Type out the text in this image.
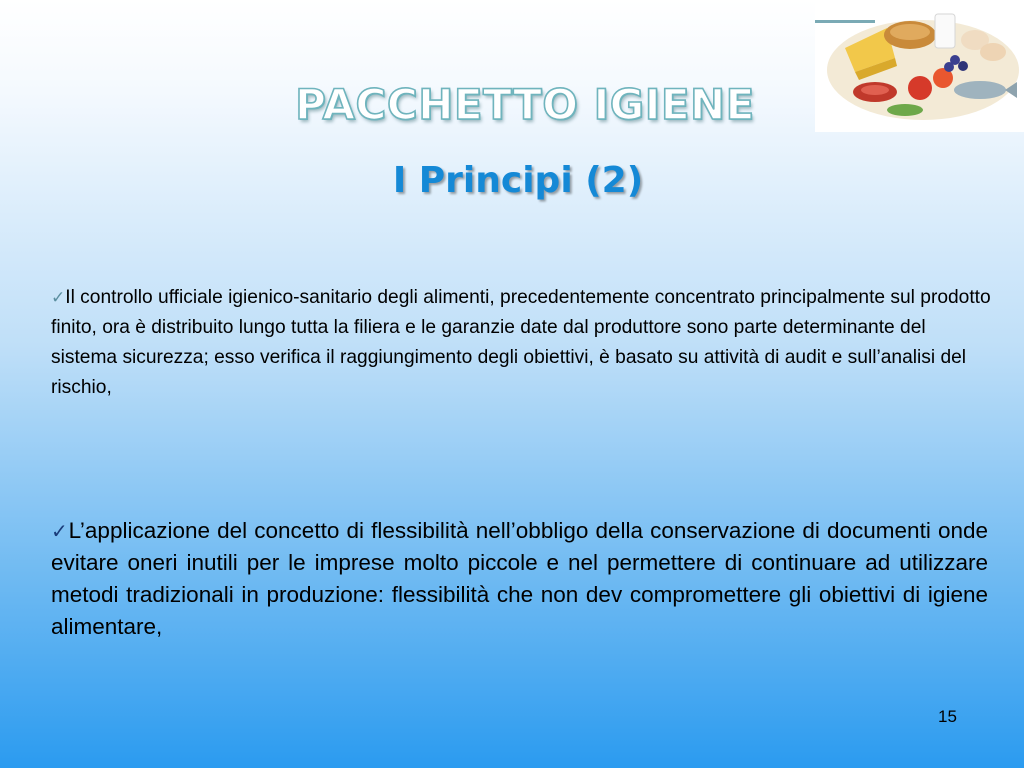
PACCHETTO IGIENE
I Principi (2)

✓Il controllo ufficiale igienico-sanitario degli alimenti, precedentemente concentrato principalmente sul prodotto finito, ora è distribuito lungo tutta la filiera e le garanzie date dal produttore sono parte determinante del sistema sicurezza; esso verifica il raggiungimento degli obiettivi, è basato su attività di audit e sull’analisi del rischio,

✓L’applicazione del concetto di flessibilità nell’obbligo della conservazione di documenti onde evitare oneri inutili per le imprese molto piccole e nel permettere di continuare ad utilizzare metodi tradizionali in produzione: flessibilità che non dev compromettere gli obiettivi di igiene alimentare,

15
